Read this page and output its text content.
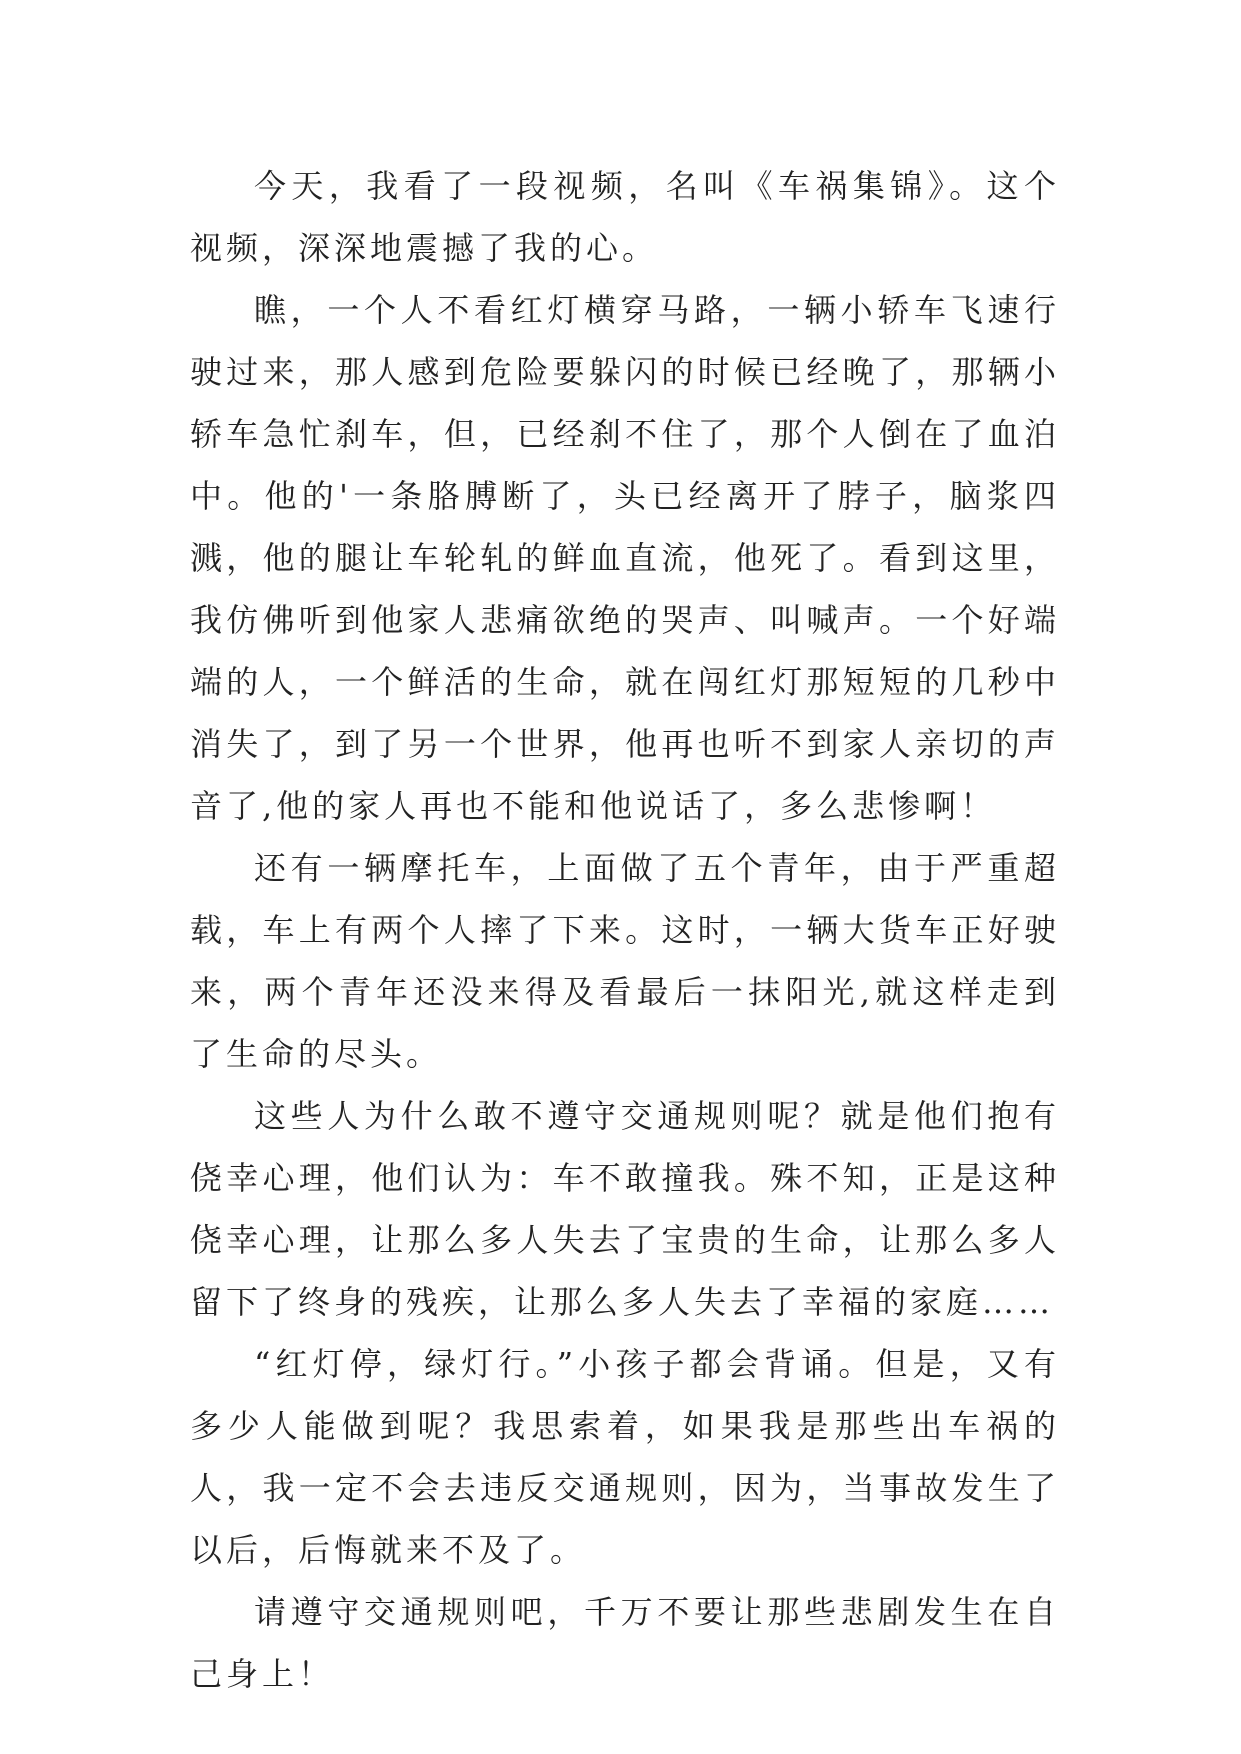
今天，我看了一段视频，名叫《车祸集锦》。这个视频，深深地震撼了我的心。

瞧，一个人不看红灯横穿马路，一辆小轿车飞速行驶过来，那人感到危险要躲闪的时候已经晚了，那辆小轿车急忙刹车，但，已经刹不住了，那个人倒在了血泊中。他的'一条胳膊断了，头已经离开了脖子，脑浆四溅，他的腿让车轮轧的鲜血直流，他死了。看到这里，我仿佛听到他家人悲痛欲绝的哭声、叫喊声。一个好端端的人，一个鲜活的生命，就在闯红灯那短短的几秒中消失了，到了另一个世界，他再也听不到家人亲切的声音了,他的家人再也不能和他说话了，多么悲惨啊！

还有一辆摩托车，上面做了五个青年，由于严重超载，车上有两个人摔了下来。这时，一辆大货车正好驶来，两个青年还没来得及看最后一抹阳光,就这样走到了生命的尽头。

这些人为什么敢不遵守交通规则呢？就是他们抱有侥幸心理，他们认为：车不敢撞我。殊不知，正是这种侥幸心理，让那么多人失去了宝贵的生命，让那么多人留下了终身的残疾，让那么多人失去了幸福的家庭……

“红灯停，绿灯行。”小孩子都会背诵。但是，又有多少人能做到呢？我思索着，如果我是那些出车祸的人，我一定不会去违反交通规则，因为，当事故发生了以后，后悔就来不及了。

请遵守交通规则吧，千万不要让那些悲剧发生在自己身上！
